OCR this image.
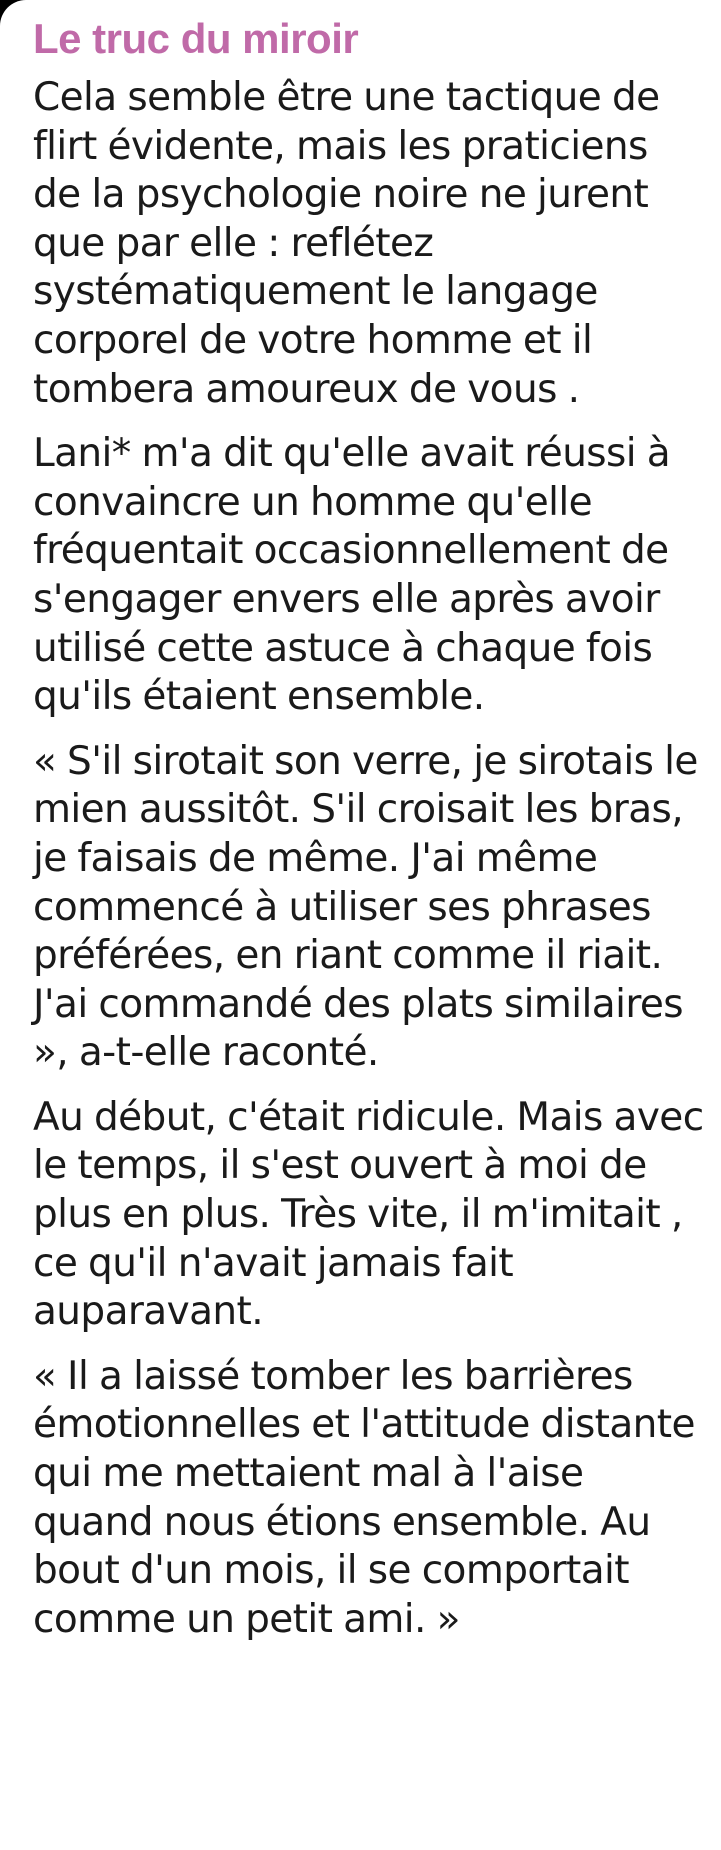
Le truc du miroir

Cela semble être une tactique de flirt évidente, mais les praticiens de la psychologie noire ne jurent que par elle : reflétez systématiquement le langage corporel de votre homme et il tombera amoureux de vous .

Lani* m'a dit qu'elle avait réussi à convaincre un homme qu'elle fréquentait occasionnellement de s'engager envers elle après avoir utilisé cette astuce à chaque fois qu'ils étaient ensemble.

« S'il sirotait son verre, je sirotais le mien aussitôt. S'il croisait les bras, je faisais de même. J'ai même commencé à utiliser ses phrases préférées, en riant comme il riait. J'ai commandé des plats similaires », a-t-elle raconté.

Au début, c'était ridicule. Mais avec le temps, il s'est ouvert à moi de plus en plus. Très vite, il m'imitait , ce qu'il n'avait jamais fait auparavant.

« Il a laissé tomber les barrières émotionnelles et l'attitude distante qui me mettaient mal à l'aise quand nous étions ensemble. Au bout d'un mois, il se comportait comme un petit ami. »
